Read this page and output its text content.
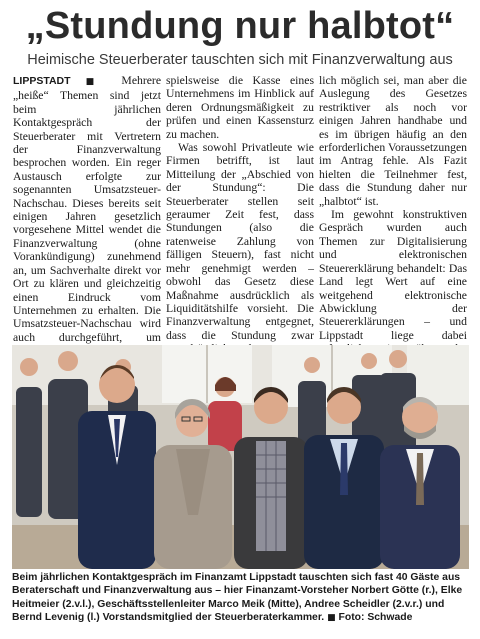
„Stundung nur halbtot“
Heimische Steuerberater tauschten sich mit Finanzverwaltung aus

LIPPSTADT ■ Mehrere „heiße“ Themen sind jetzt beim jährlichen Kontaktgespräch der Steuerberater mit Vertretern der Finanzverwaltung besprochen worden. Ein reger Austausch erfolgte zur sogenannten Umsatzsteuer-Nachschau. Dieses bereits seit einigen Jahren gesetzlich vorgesehene Mittel wendet die Finanzverwaltung (ohne Vorankündigung) zunehmend an, um Sachverhalte direkt vor Ort zu klären und gleichzeitig einen Eindruck vom Unternehmen zu erhalten. Die Umsatzsteuer-Nachschau wird auch durchgeführt, um

spielsweise die Kasse eines Unternehmens im Hinblick auf deren Ordnungsmäßigkeit zu prüfen und einen Kassensturz zu machen.

Was sowohl Privatleute wie Firmen betrifft, ist laut Mitteilung der „Abschied von der Stundung“: Die Steuerberater stellen seit geraumer Zeit fest, dass Stundungen (also die ratenweise Zahlung von fälligen Steuern), fast nicht mehr genehmigt werden – obwohl das Gesetz diese Maßnahme ausdrücklich als Liquiditätshilfe vorsieht. Die Finanzverwaltung entgegnet, dass die Stundung zwar

lich möglich sei, man aber die Auslegung des Gesetzes restriktiver als noch vor einigen Jahren handhabe und es im übrigen häufig an den erforderlichen Voraussetzungen im Antrag fehle. Als Fazit hielten die Teilnehmer fest, dass die Stundung daher nur „halbtot“ ist.

Im gewohnt konstruktiven Gespräch wurden auch Themen zur Digitalisierung und elektronischen Steuererklärung behandelt: Das Land legt Wert auf eine weitgehend elektronische Abwicklung der Steuererklärungen – und Lippstadt liege dabei

Beim jährlichen Kontaktgespräch im Finanzamt Lippstadt tauschten sich fast 40 Gäste aus Beraterschaft und Finanzverwaltung aus – hier Finanzamt-Vorsteher Norbert Götte (r.), Elke Heitmeier (2.v.l.), Geschäftsstellenleiter Marco Meik (Mitte), Andree Scheidler (2.v.r.) und Bernd Levenig (l.) Vorstandsmitglied der Steuerberaterkammer. ■ Foto: Schwade
